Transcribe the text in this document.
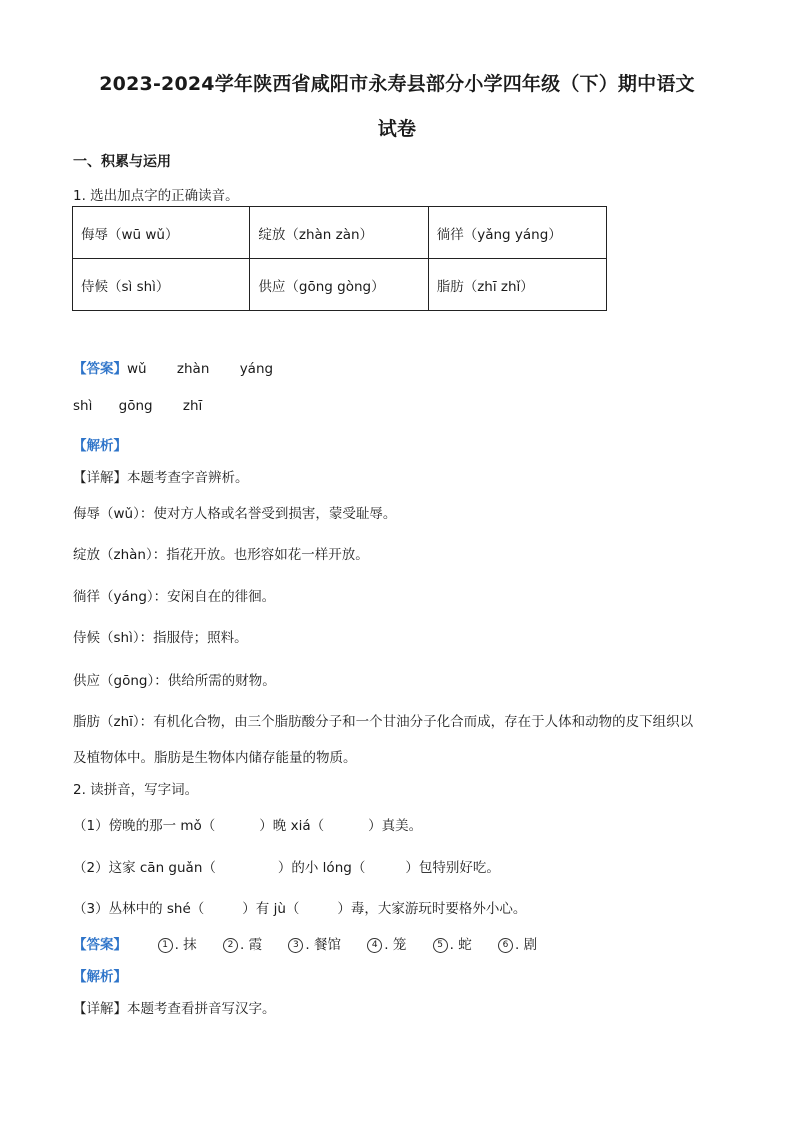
2023-2024学年陕西省咸阳市永寿县部分小学四年级（下）期中语文
试卷
一、积累与运用
1. 选出加点字的正确读音。
侮辱（wū wǔ）	绽放（zhàn zàn）	徜徉（yǎng yáng）
侍候（sì shì）	供应（gōng gòng）	脂肪（zhī zhǐ）
【答案】wǔ zhàn yáng
shì gōng zhī
【解析】
【详解】本题考查字音辨析。
侮辱（wǔ）：使对方人格或名誉受到损害，蒙受耻辱。
绽放（zhàn）：指花开放。也形容如花一样开放。
徜徉（yáng）：安闲自在的徘徊。
侍候（shì）：指服侍；照料。
供应（gōng）：供给所需的财物。
脂肪（zhī）：有机化合物，由三个脂肪酸分子和一个甘油分子化合而成，存在于人体和动物的皮下组织以
及植物体中。脂肪是生物体内储存能量的物质。
2. 读拼音，写字词。
（1）傍晚的那一 mǒ（	）晚 xiá（	）真美。
（2）这家 cān guǎn（	）的小 lóng（	）包特别好吃。
（3）丛林中的 shé（	）有 jù（	）毒，大家游玩时要格外小心。
【答案】	1 . 抹	2 . 霞	3 . 餐馆	4 . 笼	5 . 蛇	6 . 剧
【解析】
【详解】本题考查看拼音写汉字。
